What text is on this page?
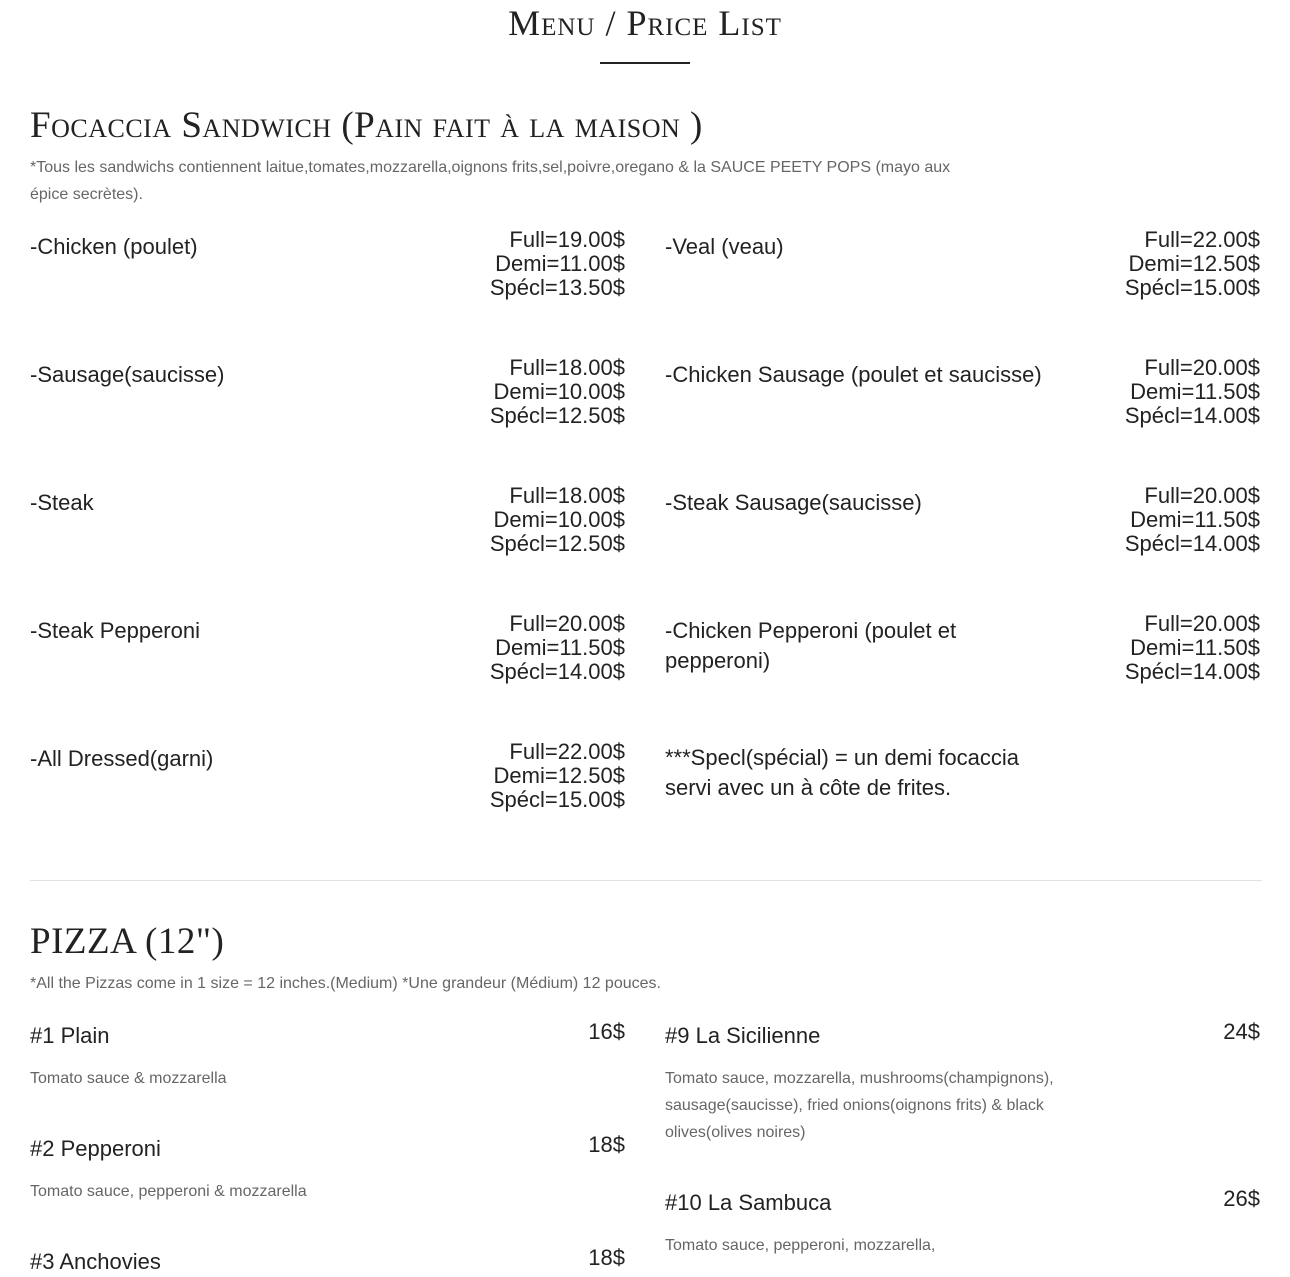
Menu / Price List
Focaccia Sandwich (Pain fait à la maison )

*Tous les sandwichs contiennent laitue,tomates,mozzarella,oignons frits,sel,poivre,oregano & la SAUCE PEETY POPS (mayo aux épice secrètes).

-Chicken (poulet)	Full=19.00$
Demi=11.00$
Spécl=13.50$
-Veal (veau)	Full=22.00$
Demi=12.50$
Spécl=15.00$
-Sausage(saucisse)	Full=18.00$
Demi=10.00$
Spécl=12.50$
-Chicken Sausage (poulet et saucisse)	Full=20.00$
Demi=11.50$
Spécl=14.00$
-Steak	Full=18.00$
Demi=10.00$
Spécl=12.50$
-Steak Sausage(saucisse)	Full=20.00$
Demi=11.50$
Spécl=14.00$
-Steak Pepperoni	Full=20.00$
Demi=11.50$
Spécl=14.00$
-Chicken Pepperoni (poulet et pepperoni)
Full=20.00$
Demi=11.50$
Spécl=14.00$
-All Dressed(garni)	Full=22.00$
Demi=12.50$
Spécl=15.00$

***Specl(spécial) = un demi focaccia servi avec un à côte de frites.

PIZZA (12")

*All the Pizzas come in 1 size = 12 inches.(Medium) *Une grandeur (Médium) 12 pouces.

#1 Plain	16$
Tomato sauce & mozzarella
#9 La Sicilienne	24$
Tomato sauce, mozzarella, mushrooms(champignons), sausage(saucisse), fried onions(oignons frits) & black olives(olives noires)
#2 Pepperoni	18$
Tomato sauce, pepperoni & mozzarella	#10 La Sambuca	26$
Tomato sauce, pepperoni, mozzarella,
#3 Anchovies	18$
